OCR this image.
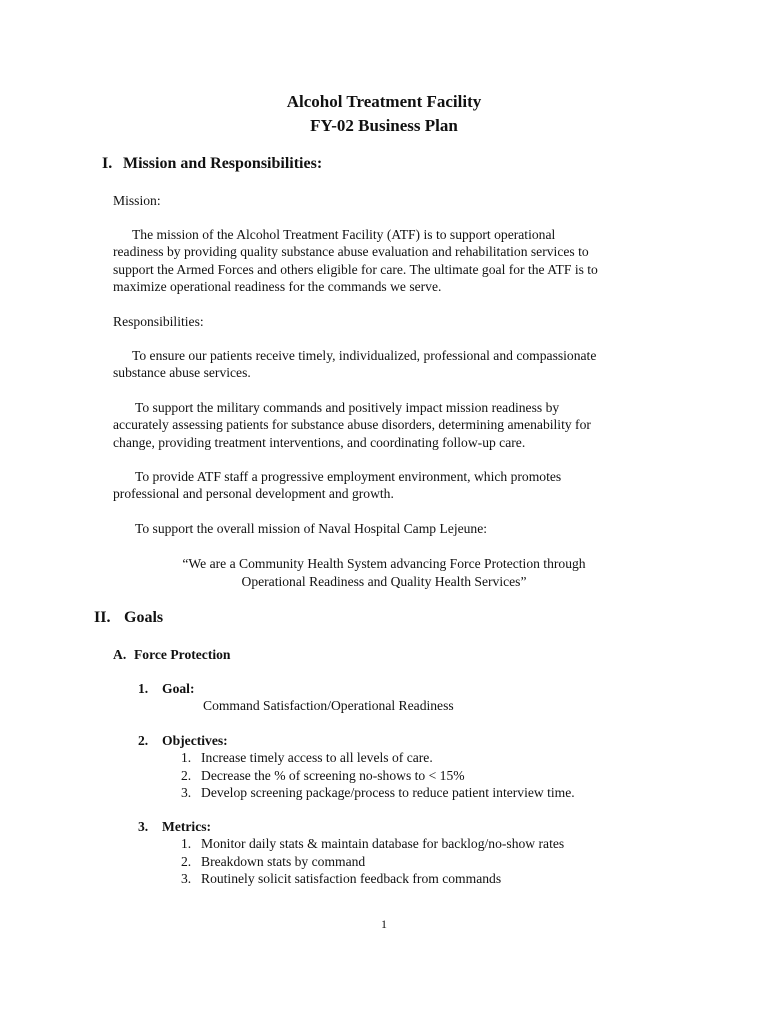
Alcohol Treatment Facility
FY-02 Business Plan
I. Mission and Responsibilities:
Mission:
The mission of the Alcohol Treatment Facility (ATF) is to support operational
readiness by providing quality substance abuse evaluation and rehabilitation services to
support the Armed Forces and others eligible for care. The ultimate goal for the ATF is to
maximize operational readiness for the commands we serve.
Responsibilities:
To ensure our patients receive timely, individualized, professional and compassionate
substance abuse services.
To support the military commands and positively impact mission readiness by
accurately assessing patients for substance abuse disorders, determining amenability for
change, providing treatment interventions, and coordinating follow-up care.
To provide ATF staff a progressive employment environment, which promotes
professional and personal development and growth.
To support the overall mission of Naval Hospital Camp Lejeune:
“We are a Community Health System advancing Force Protection through
Operational Readiness and Quality Health Services”
II. Goals
A. Force Protection
1. Goal:
Command Satisfaction/Operational Readiness
2. Objectives:
1. Increase timely access to all levels of care.
2. Decrease the % of screening no-shows to < 15%
3. Develop screening package/process to reduce patient interview time.
3. Metrics:
1. Monitor daily stats & maintain database for backlog/no-show rates
2. Breakdown stats by command
3. Routinely solicit satisfaction feedback from commands
1
